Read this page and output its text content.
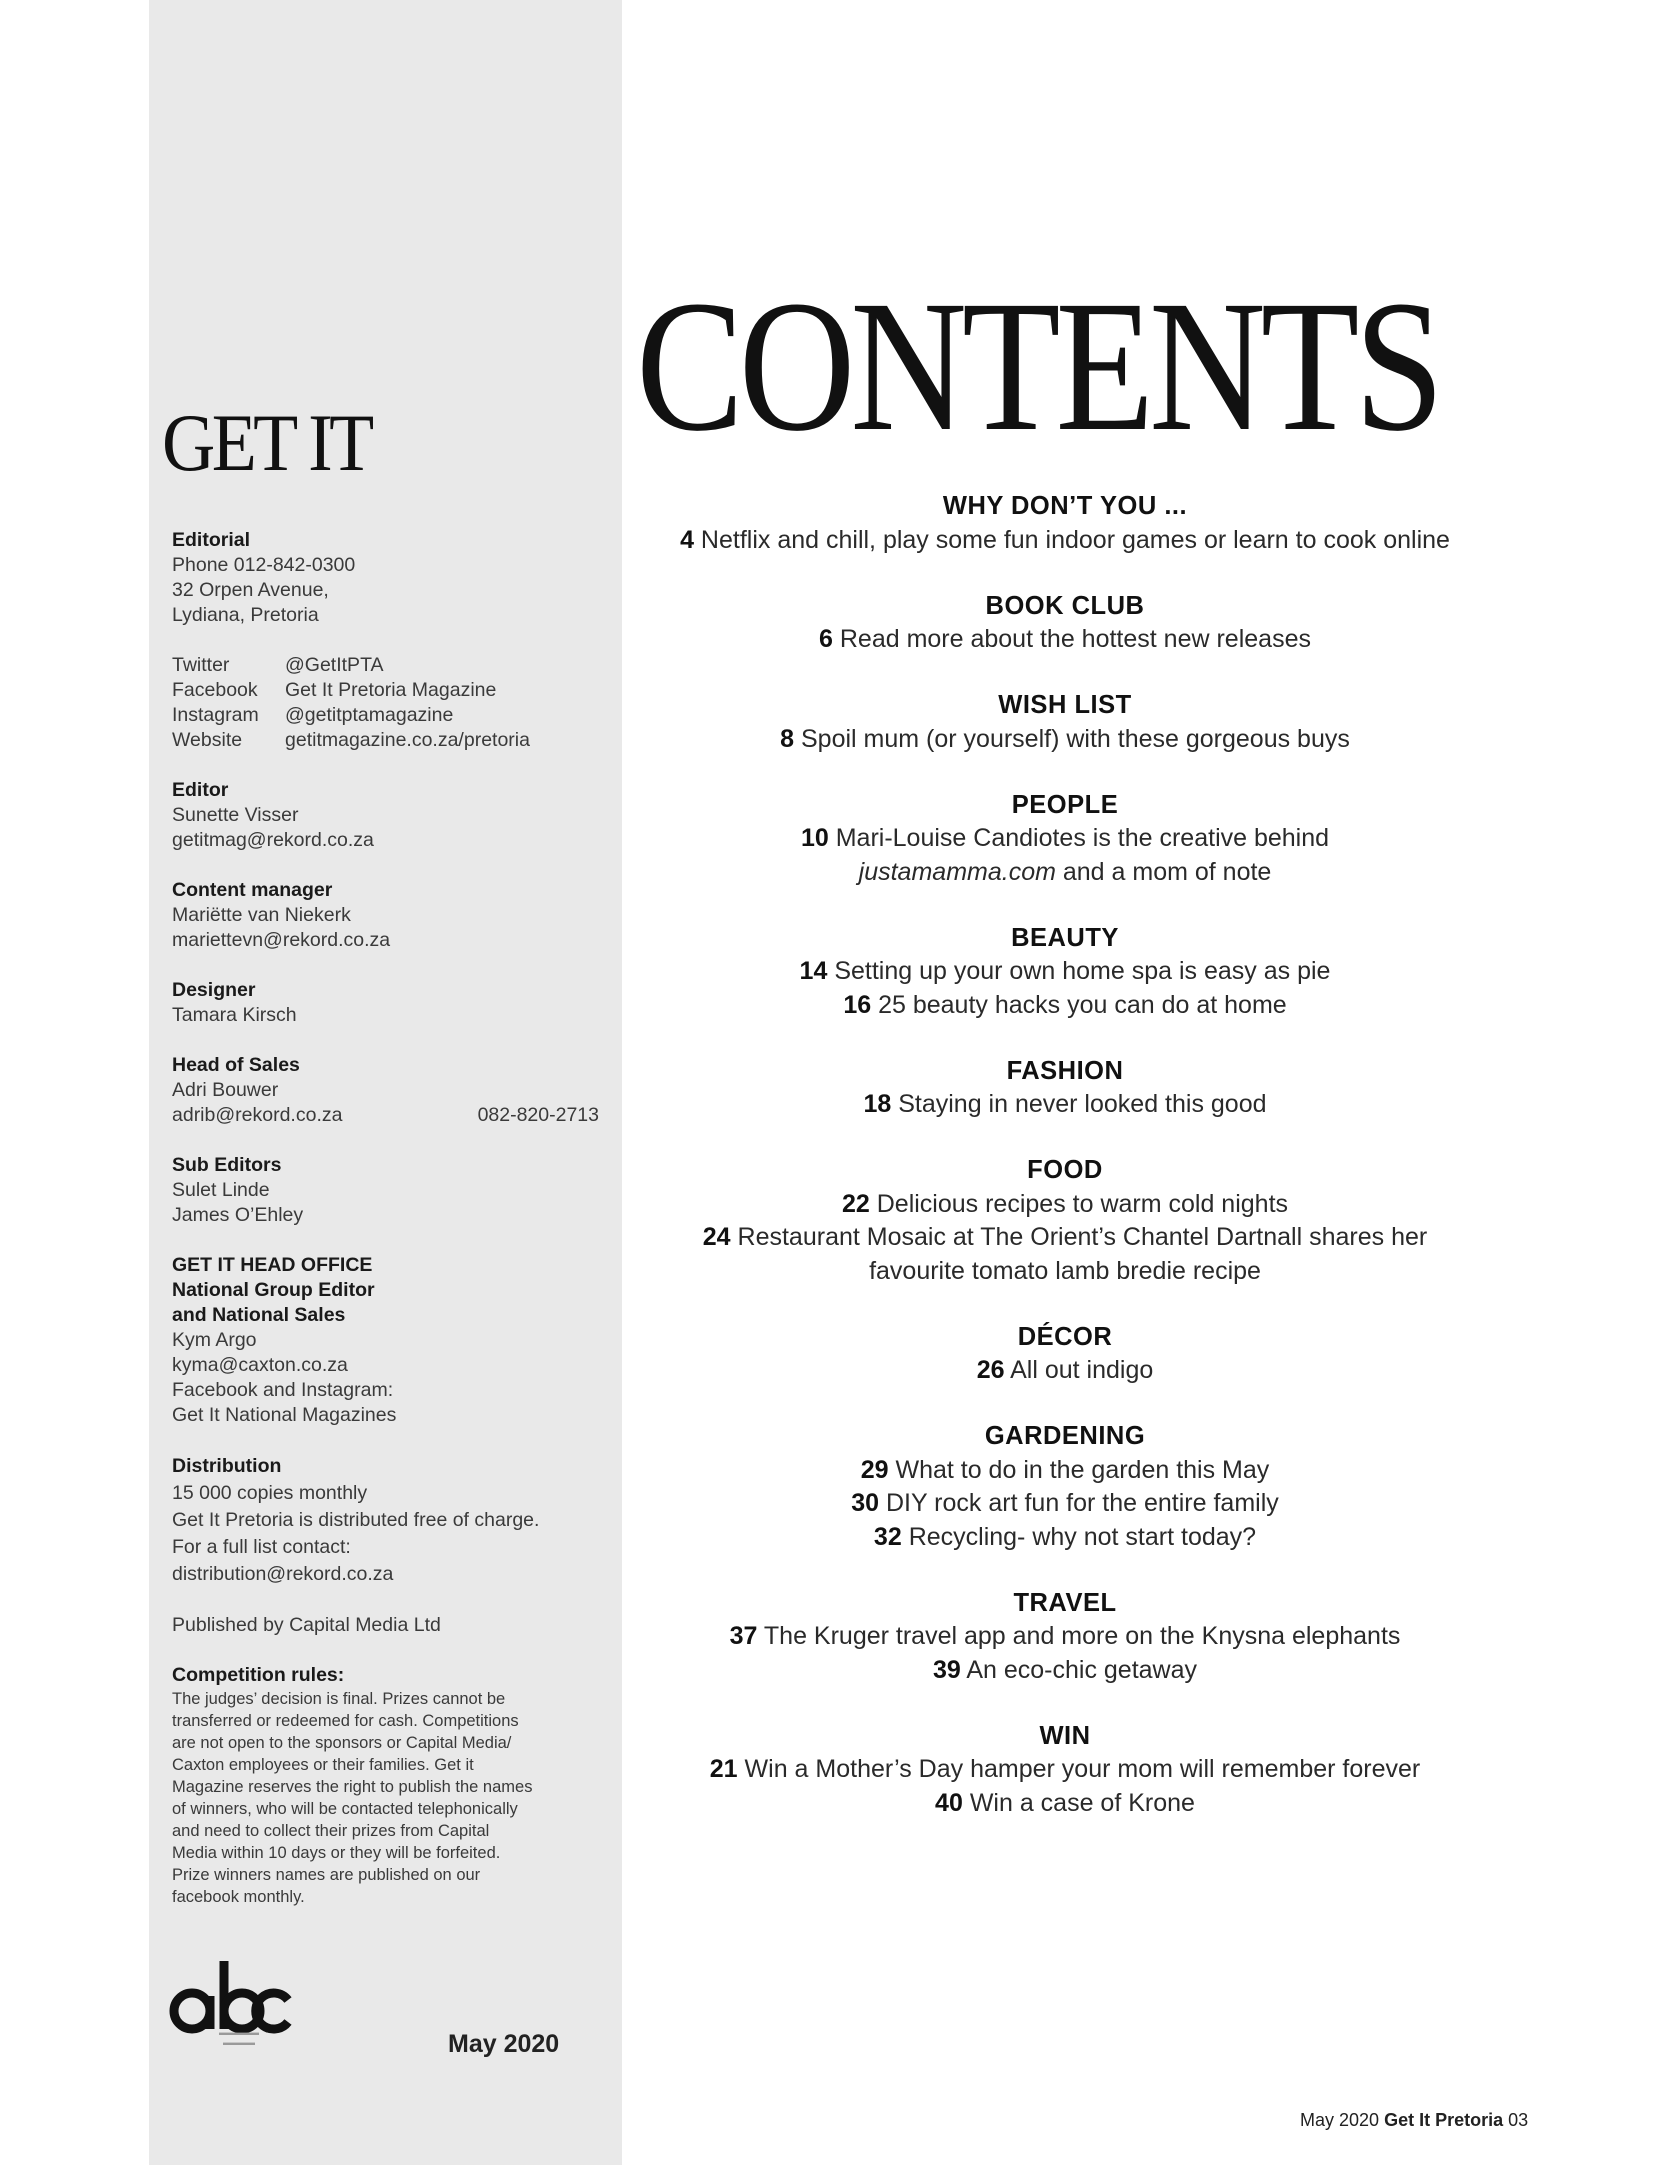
GET IT
Editorial
Phone 012-842-0300
32 Orpen Avenue,
Lydiana, Pretoria
Twitter	@GetItPTA
Facebook	Get It Pretoria Magazine
Instagram	@getitptamagazine
Website	getitmagazine.co.za/pretoria
Editor
Sunette Visser
getitmag@rekord.co.za
Content manager
Mariëtte van Niekerk
mariettevn@rekord.co.za
Designer
Tamara Kirsch
Head of Sales
Adri Bouwer
adrib@rekord.co.za	082-820-2713
Sub Editors
Sulet Linde
James O’Ehley
GET IT HEAD OFFICE
National Group Editor
and National Sales
Kym Argo
kyma@caxton.co.za
Facebook and Instagram:
Get It National Magazines
Distribution
15 000 copies monthly
Get It Pretoria is distributed free of charge.
For a full list contact:
distribution@rekord.co.za
Published by Capital Media Ltd
Competition rules:
The judges’ decision is final. Prizes cannot be
transferred or redeemed for cash. Competitions
are not open to the sponsors or Capital Media/
Caxton employees or their families. Get it
Magazine reserves the right to publish the names
of winners, who will be contacted telephonically
and need to collect their prizes from Capital
Media within 10 days or they will be forfeited.
Prize winners names are published on our
facebook monthly.
▬▬▬▬▬
▬▬▬▬	May 2020
CONTENTS
WHY DON’T YOU ...
4 Netflix and chill, play some fun indoor games or learn to cook online
BOOK CLUB
6 Read more about the hottest new releases
WISH LIST
8 Spoil mum (or yourself) with these gorgeous buys
PEOPLE
10 Mari-Louise Candiotes is the creative behind
justamamma.com and a mom of note
BEAUTY
14 Setting up your own home spa is easy as pie
16 25 beauty hacks you can do at home
FASHION
18 Staying in never looked this good
FOOD
22 Delicious recipes to warm cold nights
24 Restaurant Mosaic at The Orient’s Chantel Dartnall shares her
favourite tomato lamb bredie recipe
DÉCOR
26 All out indigo
GARDENING
29 What to do in the garden this May
30 DIY rock art fun for the entire family
32 Recycling- why not start today?
TRAVEL
37 The Kruger travel app and more on the Knysna elephants
39 An eco-chic getaway
WIN
21 Win a Mother’s Day hamper your mom will remember forever
40 Win a case of Krone
May 2020 Get It Pretoria 03
